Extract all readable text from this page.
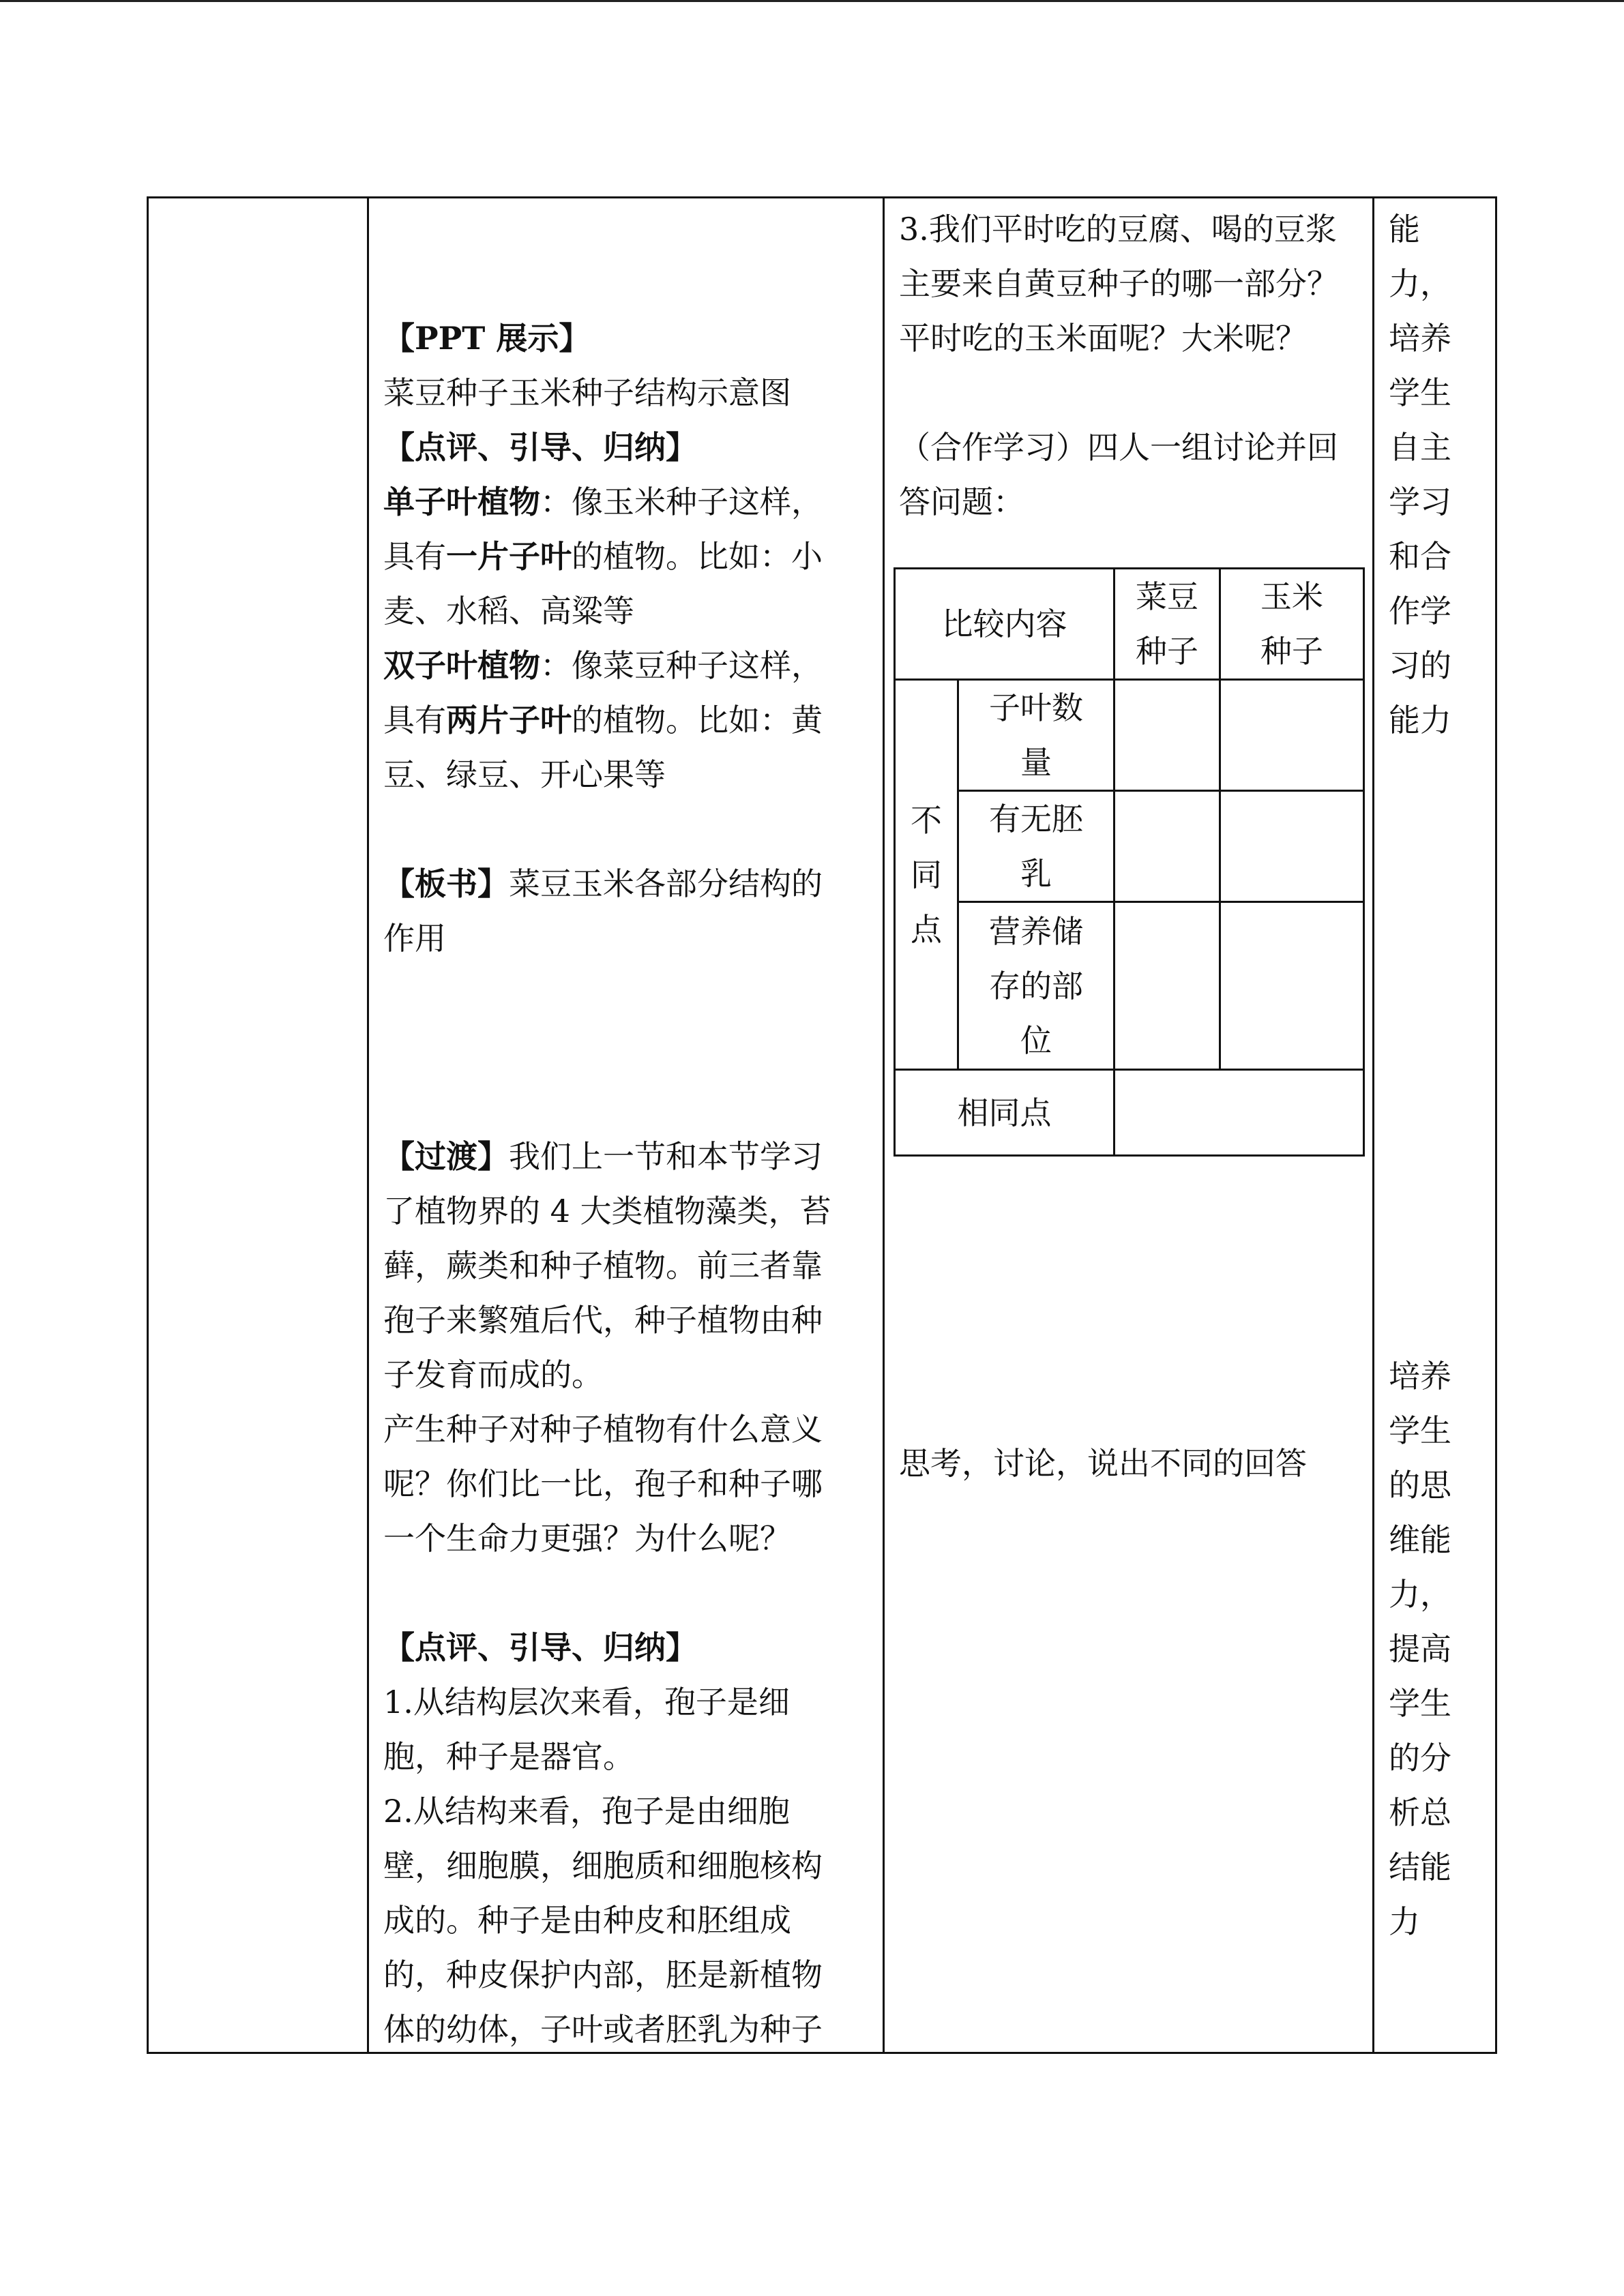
【PPT 展示】

菜豆种子玉米种子结构示意图

【点评、引导、归纳】

单子叶植物：像玉米种子这样，

具有一片子叶的植物。比如：小

麦、水稻、高粱等

双子叶植物：像菜豆种子这样，

具有两片子叶的植物。比如：黄

豆、绿豆、开心果等

【板书】菜豆玉米各部分结构的

作用

【过渡】我们上一节和本节学习

了植物界的 4 大类植物藻类，苔

藓，蕨类和种子植物。前三者靠

孢子来繁殖后代，种子植物由种

子发育而成的。

产生种子对种子植物有什么意义

呢？你们比一比，孢子和种子哪

一个生命力更强？为什么呢？

【点评、引导、归纳】

1.从结构层次来看，孢子是细

胞，种子是器官。

2.从结构来看，孢子是由细胞

壁，细胞膜，细胞质和细胞核构

成的。种子是由种皮和胚组成

的，种皮保护内部，胚是新植物

体的幼体，子叶或者胚乳为种子

3.我们平时吃的豆腐、喝的豆浆

主要来自黄豆种子的哪一部分？

平时吃的玉米面呢？大米呢？

（合作学习）四人一组讨论并回

答问题：

思考，讨论，说出不同的回答

比较内容
菜豆
种子
玉米
种子
不
同
点
子叶数
量
有无胚
乳
营养储
存的部
位
相同点

能

力，

培养

学生

自主

学习

和合

作学

习的

能力

培养

学生

的思

维能

力，

提高

学生

的分

析总

结能

力
